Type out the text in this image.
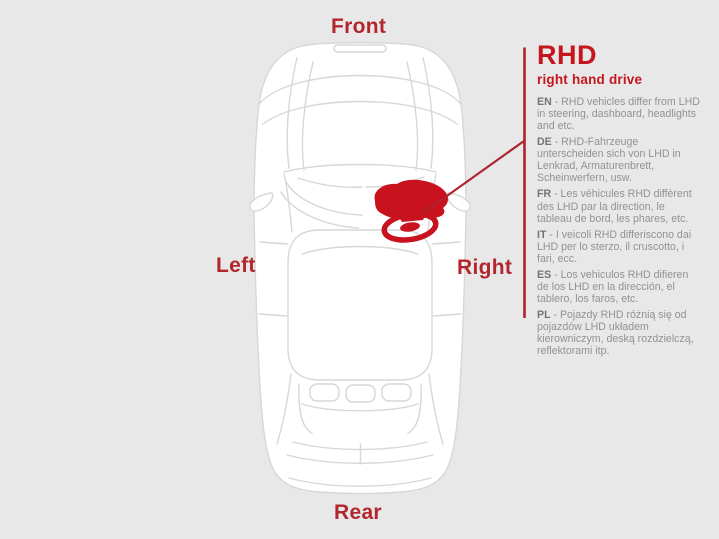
Front
Left	Right
Rear
RHD
right hand drive
EN - RHD vehicles differ from LHD in steering, dashboard, headlights and etc.
DE - RHD-Fahrzeuge unterscheiden sich von LHD in Lenkrad, Armaturenbrett, Scheinwerfern, usw.
FR - Les véhicules RHD diffèrent des LHD par la direction, le tableau de bord, les phares, etc.
IT - I veicoli RHD differiscono dai LHD per lo sterzo, il cruscotto, i fari, ecc.
ES - Los vehiculos RHD difieren de los LHD en la dirección, el tablero, los faros, etc.
PL - Pojazdy RHD różnią się od pojazdów LHD układem kierowniczym, deską rozdzielczą, reflektorami itp.
